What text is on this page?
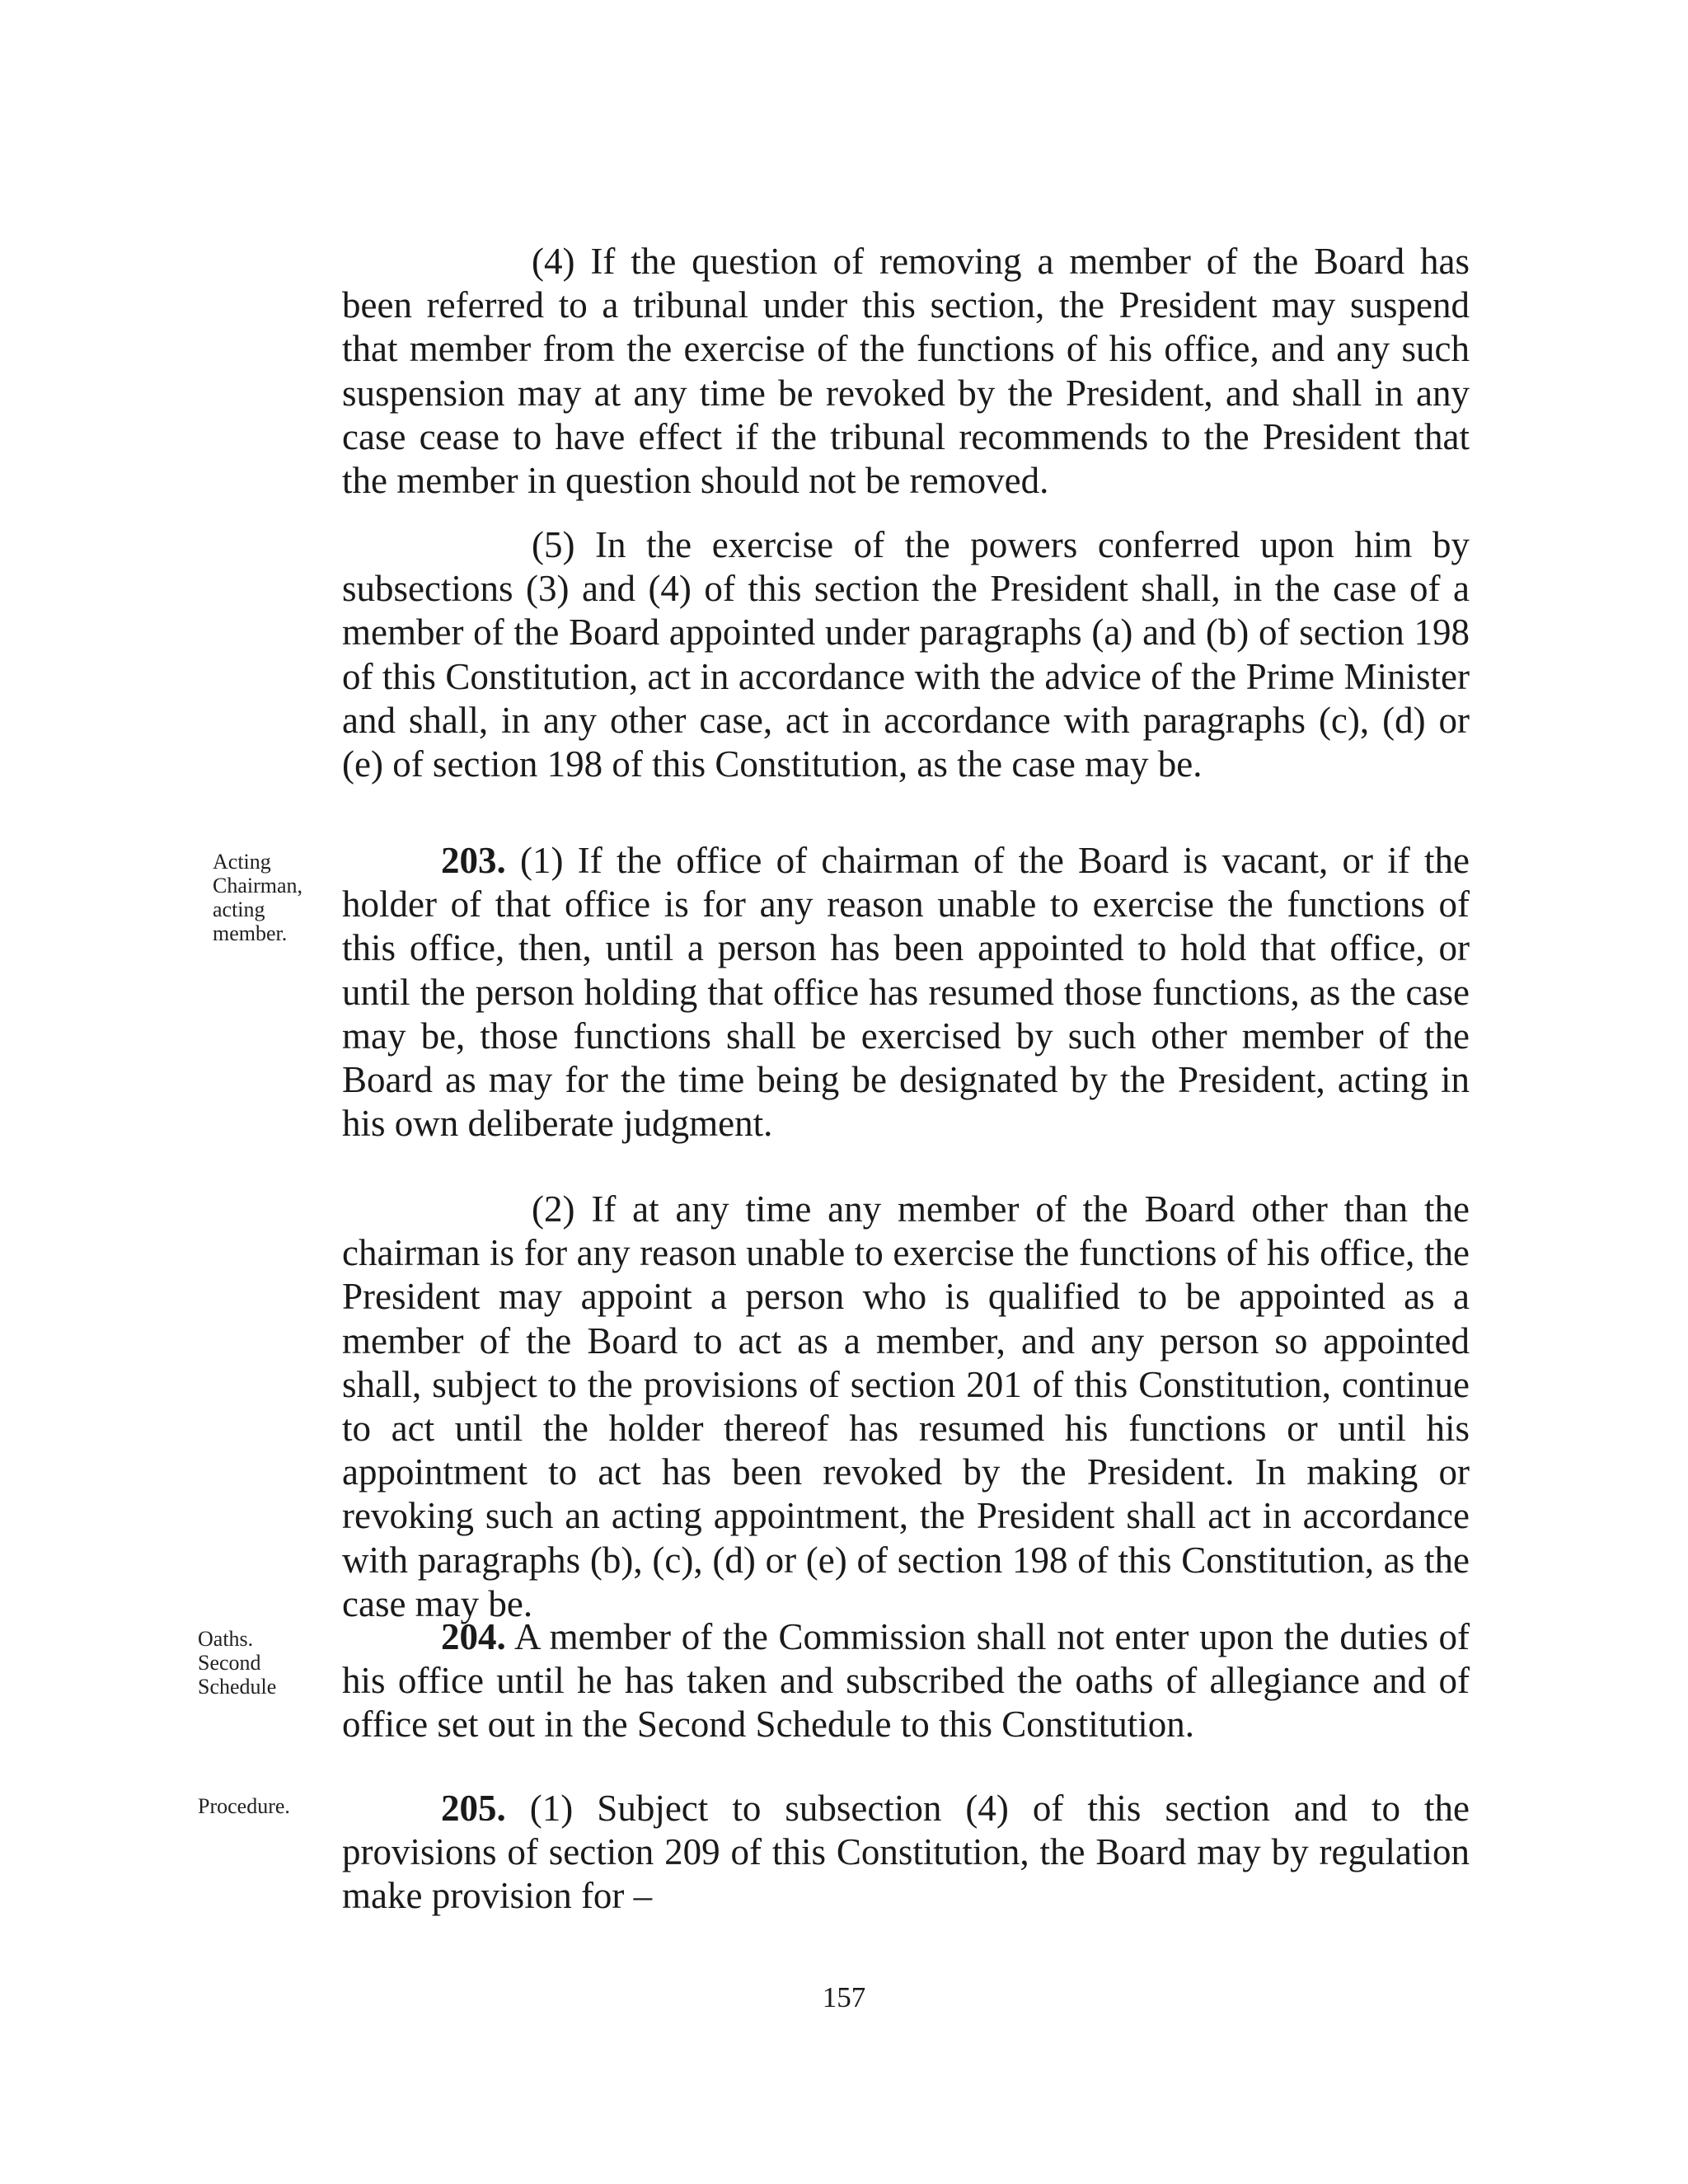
(4) If the question of removing a member of the Board has been referred to a tribunal under this section, the President may suspend that member from the exercise of the functions of his office, and any such suspension may at any time be revoked by the President, and shall in any case cease to have effect if the tribunal recommends to the President that the member in question should not be removed.

(5) In the exercise of the powers conferred upon him by subsections (3) and (4) of this section the President shall, in the case of a member of the Board appointed under paragraphs (a) and (b) of section 198 of this Constitution, act in accordance with the advice of the Prime Minister and shall, in any other case, act in accordance with paragraphs (c), (d) or (e) of section 198 of this Constitution, as the case may be.

Acting
Chairman,
acting
member.

203. (1) If the office of chairman of the Board is vacant, or if the holder of that office is for any reason unable to exercise the functions of this office, then, until a person has been appointed to hold that office, or until the person holding that office has resumed those functions, as the case may be, those functions shall be exercised by such other member of the Board as may for the time being be designated by the President, acting in his own deliberate judgment.

(2) If at any time any member of the Board other than the chairman is for any reason unable to exercise the functions of his office, the President may appoint a person who is qualified to be appointed as a member of the Board to act as a member, and any person so appointed shall, subject to the provisions of section 201 of this Constitution, continue to act until the holder thereof has resumed his functions or until his appointment to act has been revoked by the President. In making or revoking such an acting appointment, the President shall act in accordance with paragraphs (b), (c), (d) or (e) of section 198 of this Constitution, as the case may be.

Oaths.
Second
Schedule

204. A member of the Commission shall not enter upon the duties of his office until he has taken and subscribed the oaths of allegiance and of office set out in the Second Schedule to this Constitution.

Procedure.	205. (1) Subject to subsection (4) of this section and to the provisions of section 209 of this Constitution, the Board may by regulation make provision for –

157
